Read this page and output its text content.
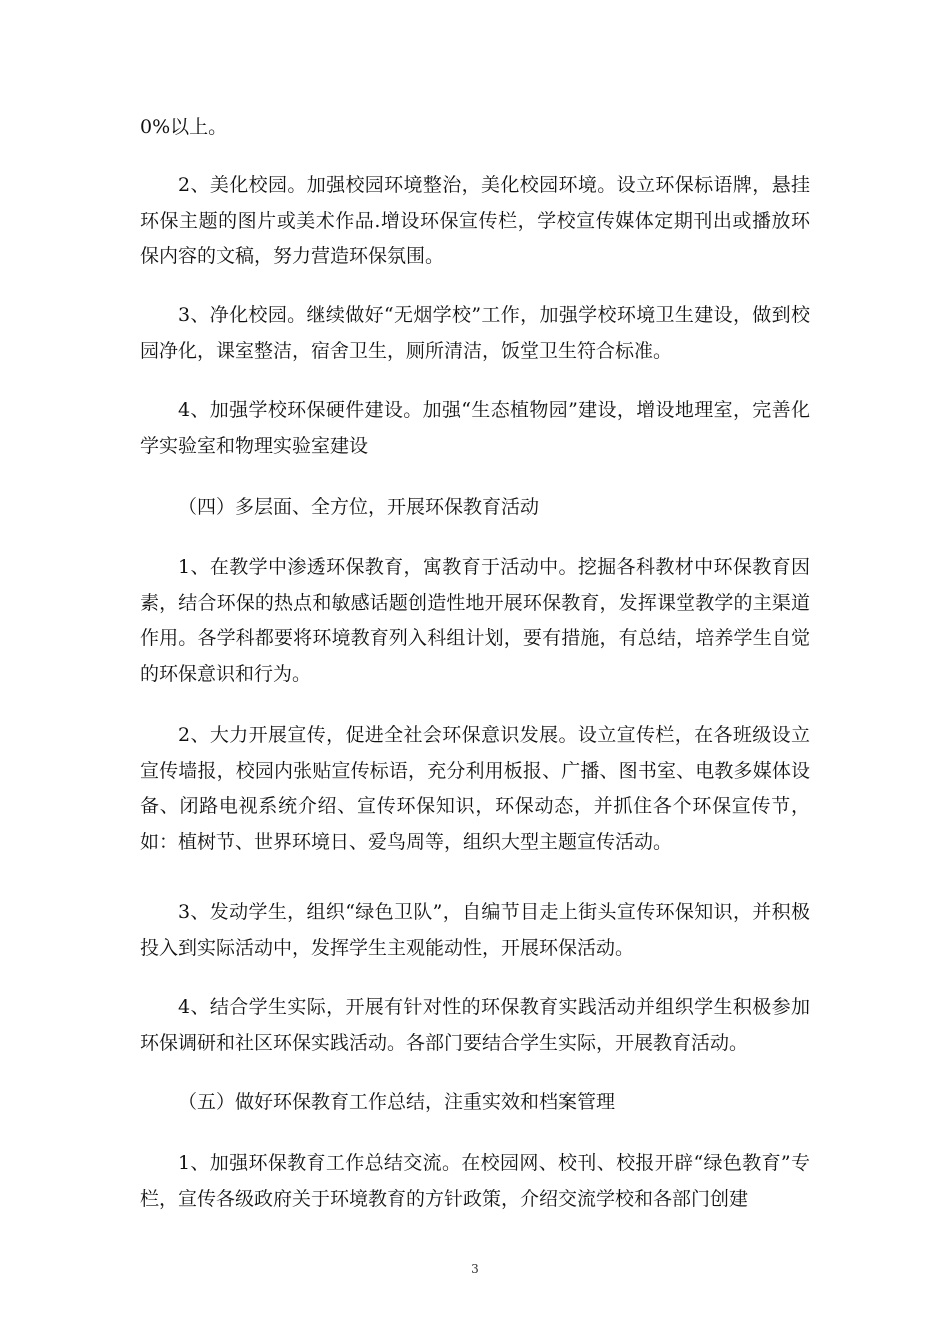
0%以上。

2、美化校园。加强校园环境整治，美化校园环境。设立环保标语牌，悬挂环保主题的图片或美术作品.增设环保宣传栏，学校宣传媒体定期刊出或播放环保内容的文稿，努力营造环保氛围。

3、净化校园。继续做好“无烟学校”工作，加强学校环境卫生建设，做到校园净化，课室整洁，宿舍卫生，厕所清洁，饭堂卫生符合标准。

4、加强学校环保硬件建设。加强“生态植物园”建设，增设地理室，完善化学实验室和物理实验室建设

（四）多层面、全方位，开展环保教育活动

1、在教学中渗透环保教育，寓教育于活动中。挖掘各科教材中环保教育因素，结合环保的热点和敏感话题创造性地开展环保教育，发挥课堂教学的主渠道作用。各学科都要将环境教育列入科组计划，要有措施，有总结，培养学生自觉的环保意识和行为。

2、大力开展宣传，促进全社会环保意识发展。设立宣传栏，在各班级设立宣传墙报，校园内张贴宣传标语，充分利用板报、广播、图书室、电教多媒体设备、闭路电视系统介绍、宣传环保知识，环保动态，并抓住各个环保宣传节，如：植树节、世界环境日、爱鸟周等，组织大型主题宣传活动。

3、发动学生，组织“绿色卫队”，自编节目走上街头宣传环保知识，并积极投入到实际活动中，发挥学生主观能动性，开展环保活动。

4、结合学生实际，开展有针对性的环保教育实践活动并组织学生积极参加环保调研和社区环保实践活动。各部门要结合学生实际，开展教育活动。

（五）做好环保教育工作总结，注重实效和档案管理

1、加强环保教育工作总结交流。在校园网、校刊、校报开辟“绿色教育”专栏，宣传各级政府关于环境教育的方针政策，介绍交流学校和各部门创建

3
